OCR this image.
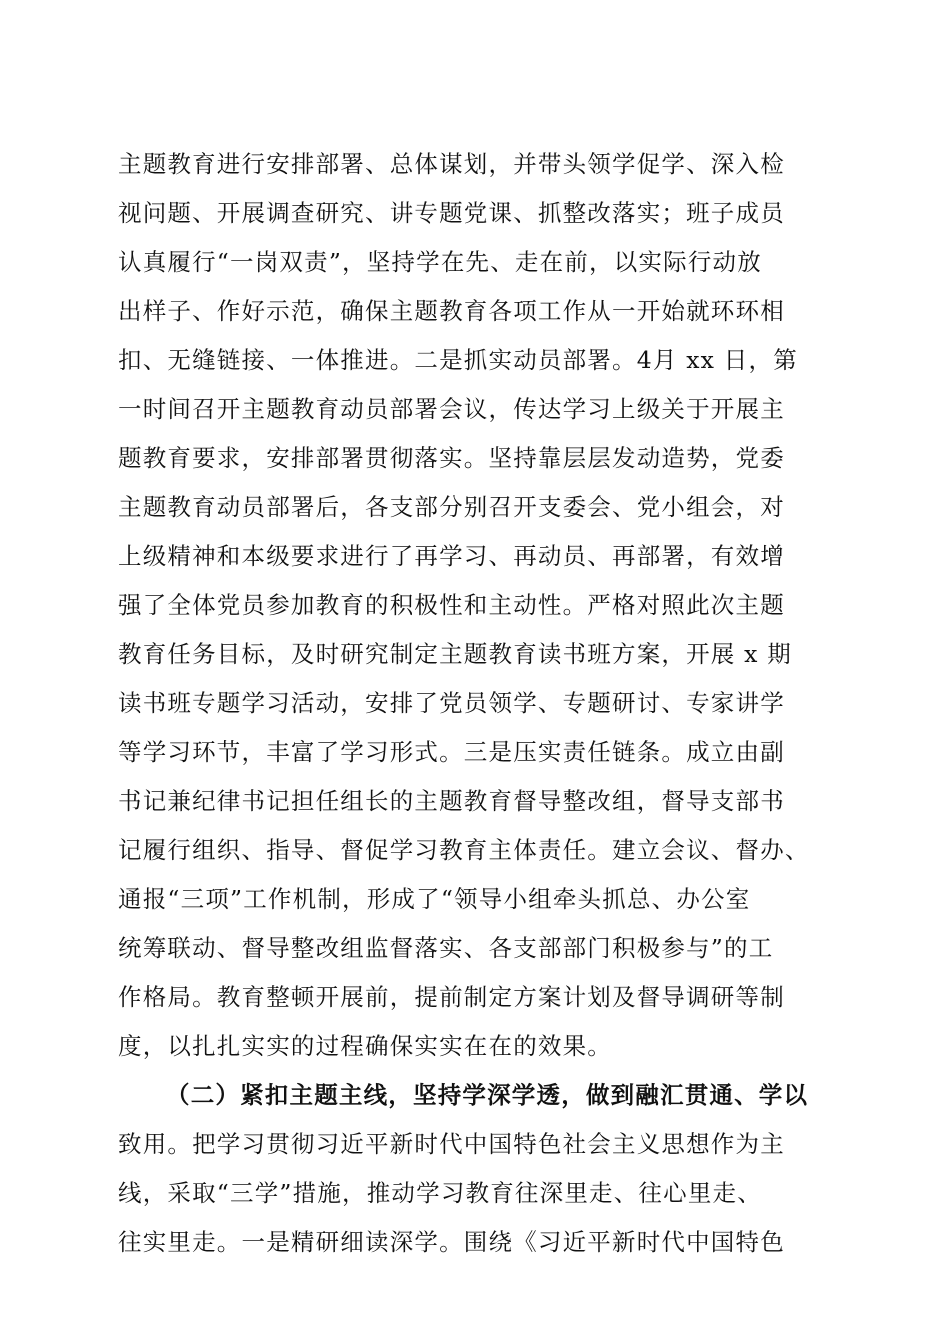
主题教育进行安排部署、总体谋划，并带头领学促学、深入检
视问题、开展调查研究、讲专题党课、抓整改落实；班子成员
认真履行“一岗双责”，坚持学在先、走在前，以实际行动放
出样子、作好示范，确保主题教育各项工作从一开始就环环相
扣、无缝链接、一体推进。二是抓实动员部署。4月 xx 日，第
一时间召开主题教育动员部署会议，传达学习上级关于开展主
题教育要求，安排部署贯彻落实。坚持靠层层发动造势，党委
主题教育动员部署后，各支部分别召开支委会、党小组会，对
上级精神和本级要求进行了再学习、再动员、再部署，有效增
强了全体党员参加教育的积极性和主动性。严格对照此次主题
教育任务目标，及时研究制定主题教育读书班方案，开展 x 期
读书班专题学习活动，安排了党员领学、专题研讨、专家讲学
等学习环节，丰富了学习形式。三是压实责任链条。成立由副
书记兼纪律书记担任组长的主题教育督导整改组，督导支部书
记履行组织、指导、督促学习教育主体责任。建立会议、督办、
通报“三项”工作机制，形成了“领导小组牵头抓总、办公室
统筹联动、督导整改组监督落实、各支部部门积极参与”的工
作格局。教育整顿开展前，提前制定方案计划及督导调研等制
度，以扎扎实实的过程确保实实在在的效果。
（二）紧扣主题主线，坚持学深学透，做到融汇贯通、学以
致用。把学习贯彻习近平新时代中国特色社会主义思想作为主
线，采取“三学”措施，推动学习教育往深里走、往心里走、
往实里走。一是精研细读深学。围绕《习近平新时代中国特色
